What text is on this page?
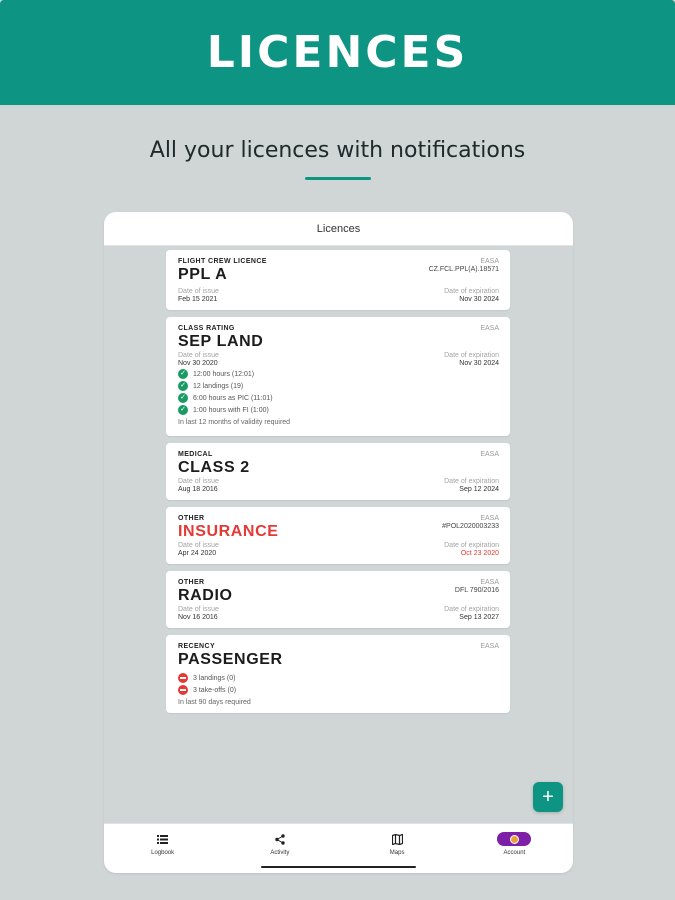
LICENCES
All your licences with notifications
Licences
FLIGHT CREW LICENCE
PPL A
EASA
CZ.FCL.PPL(A).18571
Date of issue
Feb 15 2021
Date of expiration
Nov 30 2024
CLASS RATING	EASA
SEP LAND
Date of issue
Nov 30 2020
Date of expiration
Nov 30 2024
✓ 12:00 hours (12:01)
✓ 12 landings (19)
✓ 6:00 hours as PIC (11:01)
✓ 1:00 hours with FI (1:00)
In last 12 months of validity required
MEDICAL	EASA
CLASS 2
Date of issue
Aug 18 2016
Date of expiration
Sep 12 2024
OTHER
INSURANCE
EASA
#POL2020003233
Date of issue
Apr 24 2020
Date of expiration
Oct 23 2020
OTHER
RADIO
EASA
DFL 790/2016
Date of issue
Nov 16 2016
Date of expiration
Sep 13 2027
RECENCY	EASA
PASSENGER
3 landings (0)
3 take-offs (0)
In last 90 days required
+
Logbook	Activity	Maps	Account
